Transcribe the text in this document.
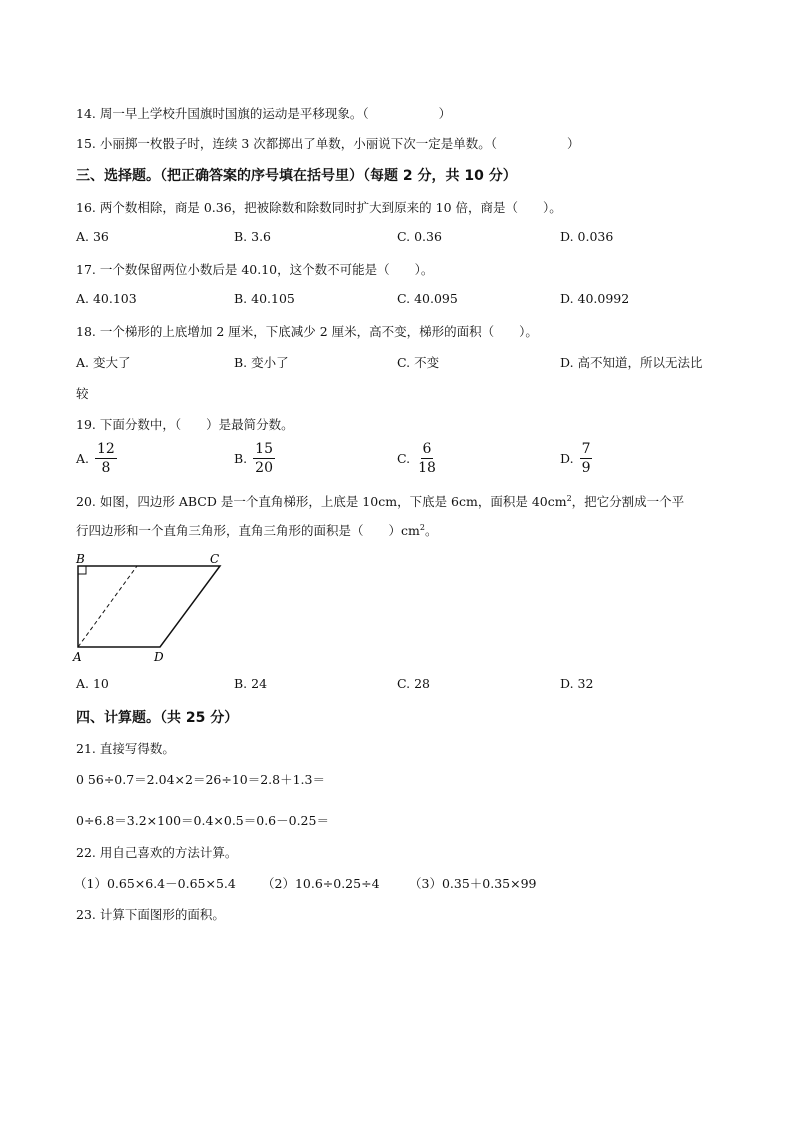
14. 周一早上学校升国旗时国旗的运动是平移现象。（	）
15. 小丽掷一枚骰子时，连续 3 次都掷出了单数，小丽说下次一定是单数。（	）
三、选择题。（把正确答案的序号填在括号里）（每题 2 分，共 10 分）
16. 两个数相除，商是 0.36，把被除数和除数同时扩大到原来的 10 倍，商是（　　）。
A. 36	B. 3.6	C. 0.36	D. 0.036
17. 一个数保留两位小数后是 40.10，这个数不可能是（　　）。
A. 40.103	B. 40.105	C. 40.095	D. 40.0992
18. 一个梯形的上底增加 2 厘米，下底减少 2 厘米，高不变，梯形的面积（　　）。
A. 变大了	B. 变小了	C. 不变	D. 高不知道，所以无法比
较
19. 下面分数中，（　　）是最简分数。
A. $\frac{12}{8}$	B. $\frac{15}{20}$	C. $\frac{6}{18}$	D. $\frac{7}{9}$
20. 如图，四边形 ABCD 是一个直角梯形，上底是 10cm，下底是 6cm，面积是 $40cm^2$，把它分割成一个平
行四边形和一个直角三角形，直角三角形的面积是（　　）$cm^2$。
B	C
A	D
A. 10	B. 24	C. 28	D. 32
四、计算题。（共 25 分）
21. 直接写得数。
0 56÷0.7＝2.04×2＝26÷10＝2.8＋1.3＝
0÷6.8＝3.2×100＝0.4×0.5＝0.6－0.25＝
22. 用自己喜欢的方法计算。
（1）0.65×6.4－0.65×5.4 （2）10.6÷0.25÷4 （3）0.35＋0.35×99
23. 计算下面图形的面积。
